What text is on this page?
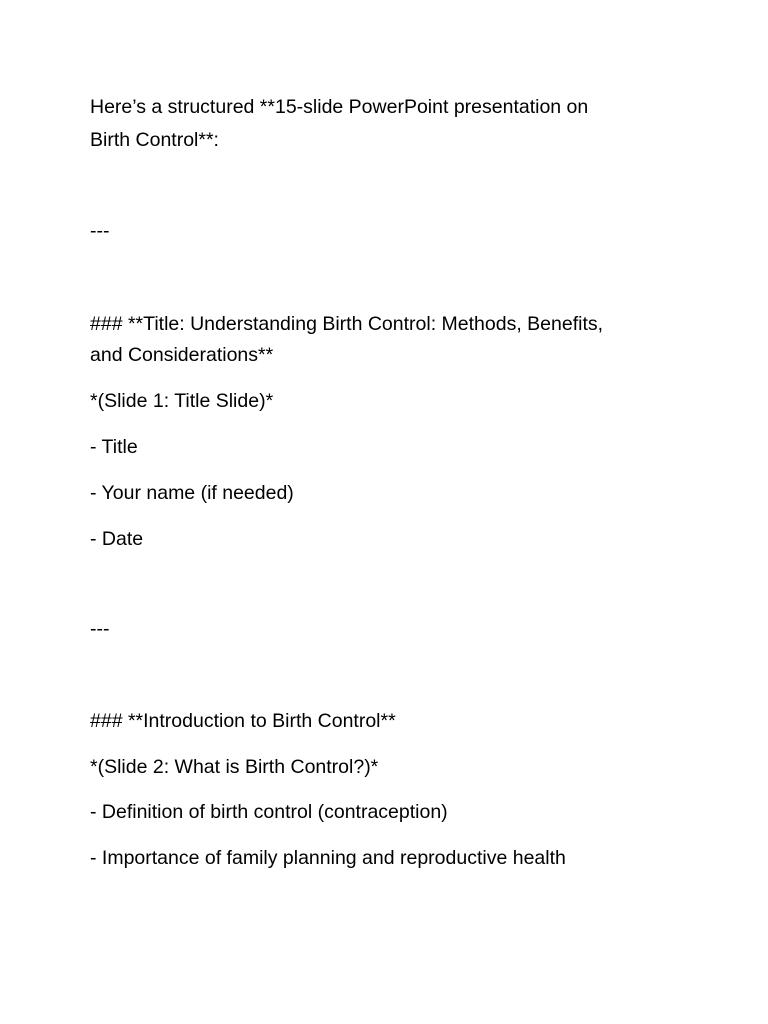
Here’s a structured **15-slide PowerPoint presentation on
Birth Control**:
---
### **Title: Understanding Birth Control: Methods, Benefits,
and Considerations**
*(Slide 1: Title Slide)*
- Title
- Your name (if needed)
- Date
---
### **Introduction to Birth Control**
*(Slide 2: What is Birth Control?)*
- Definition of birth control (contraception)
- Importance of family planning and reproductive health
